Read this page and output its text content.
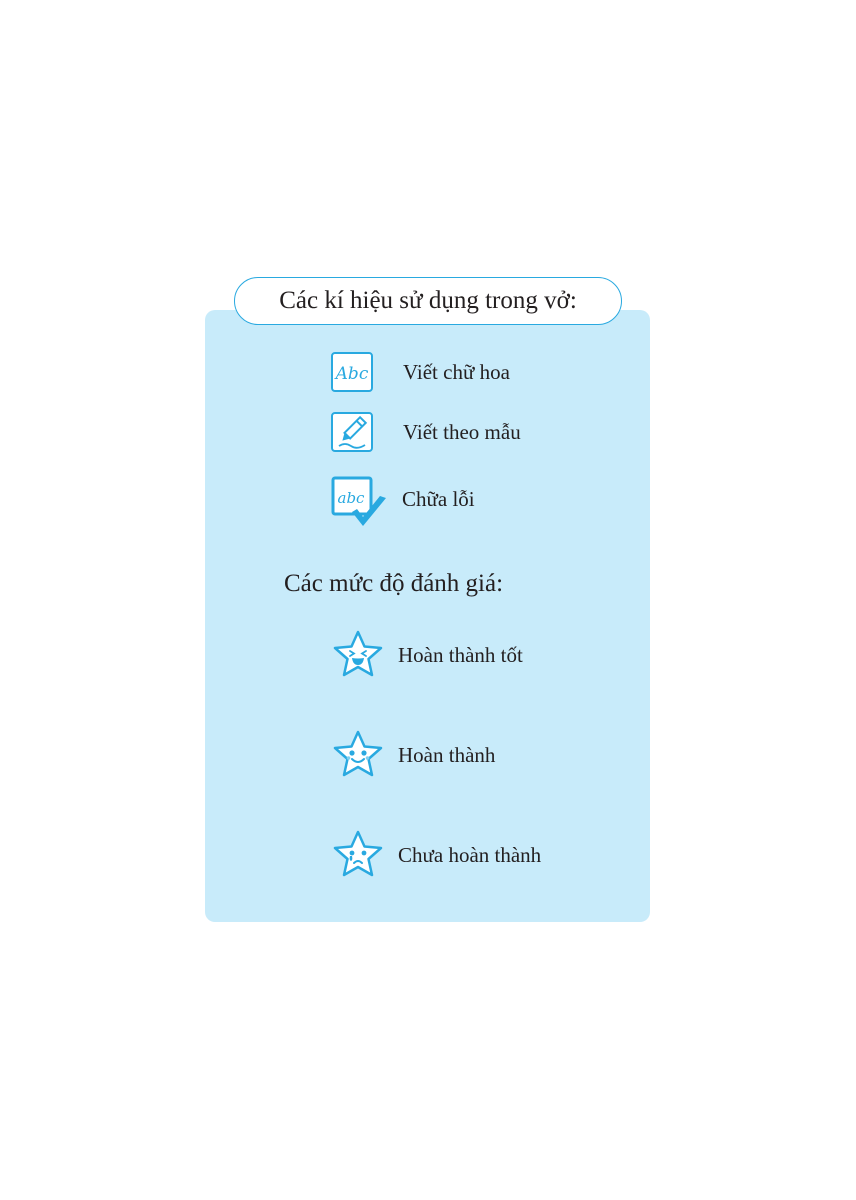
Các kí hiệu sử dụng trong vở:
Abc Viết chữ hoa
Viết theo mẫu
abc Chữa lỗi
Các mức độ đánh giá:
Hoàn thành tốt
Hoàn thành
Chưa hoàn thành
